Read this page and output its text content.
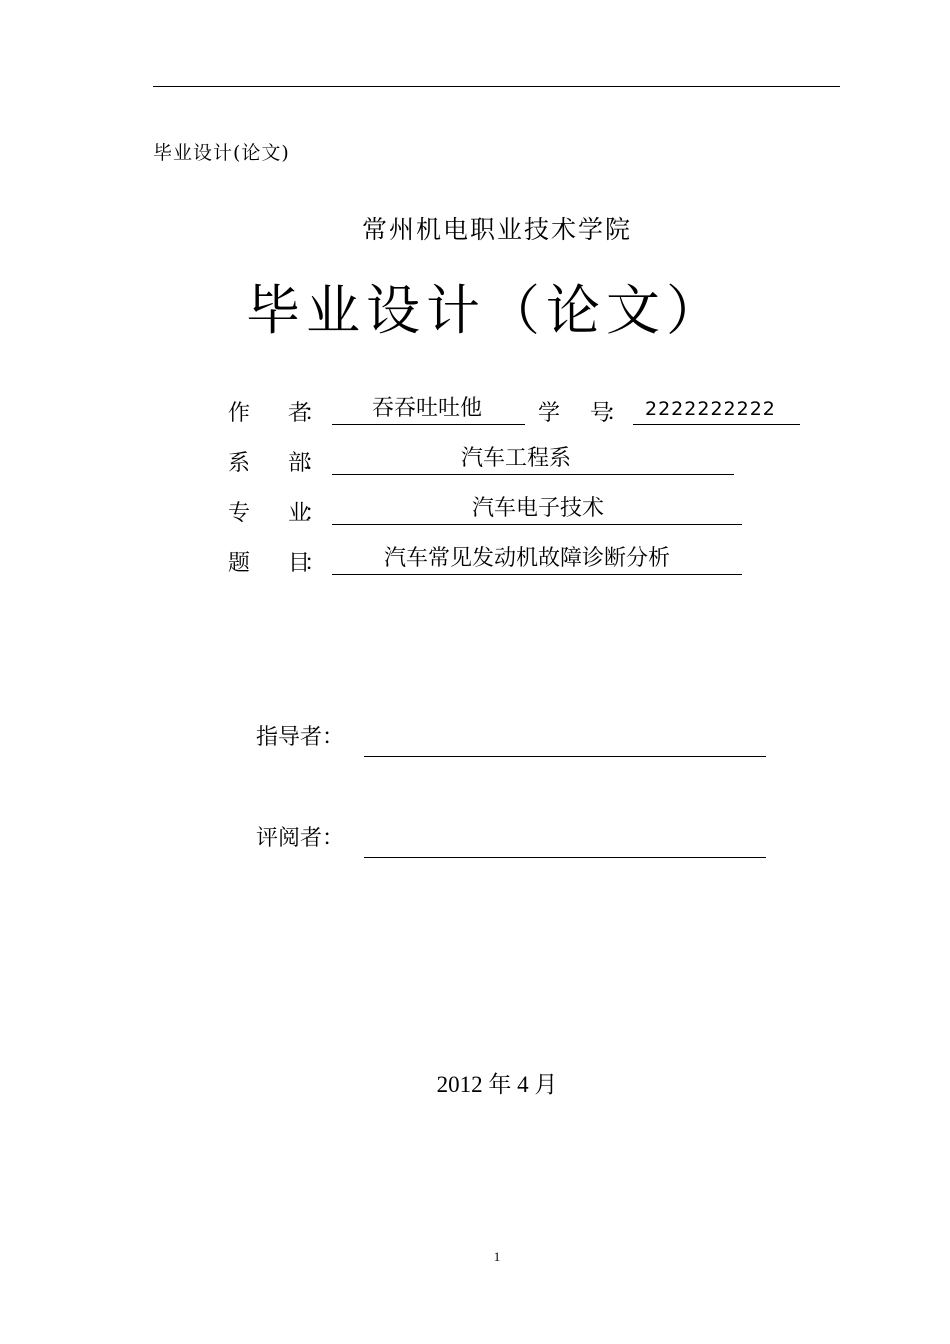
毕业设计(论文)
常州机电职业技术学院
毕业设计（论文）
作 者： 吞吞吐吐他	学 号： 2222222222
系 部：	汽车工程系
专 业：	汽车电子技术
题 目：	汽车常见发动机故障诊断分析
指导者：
评阅者：
2012 年 4 月
1
